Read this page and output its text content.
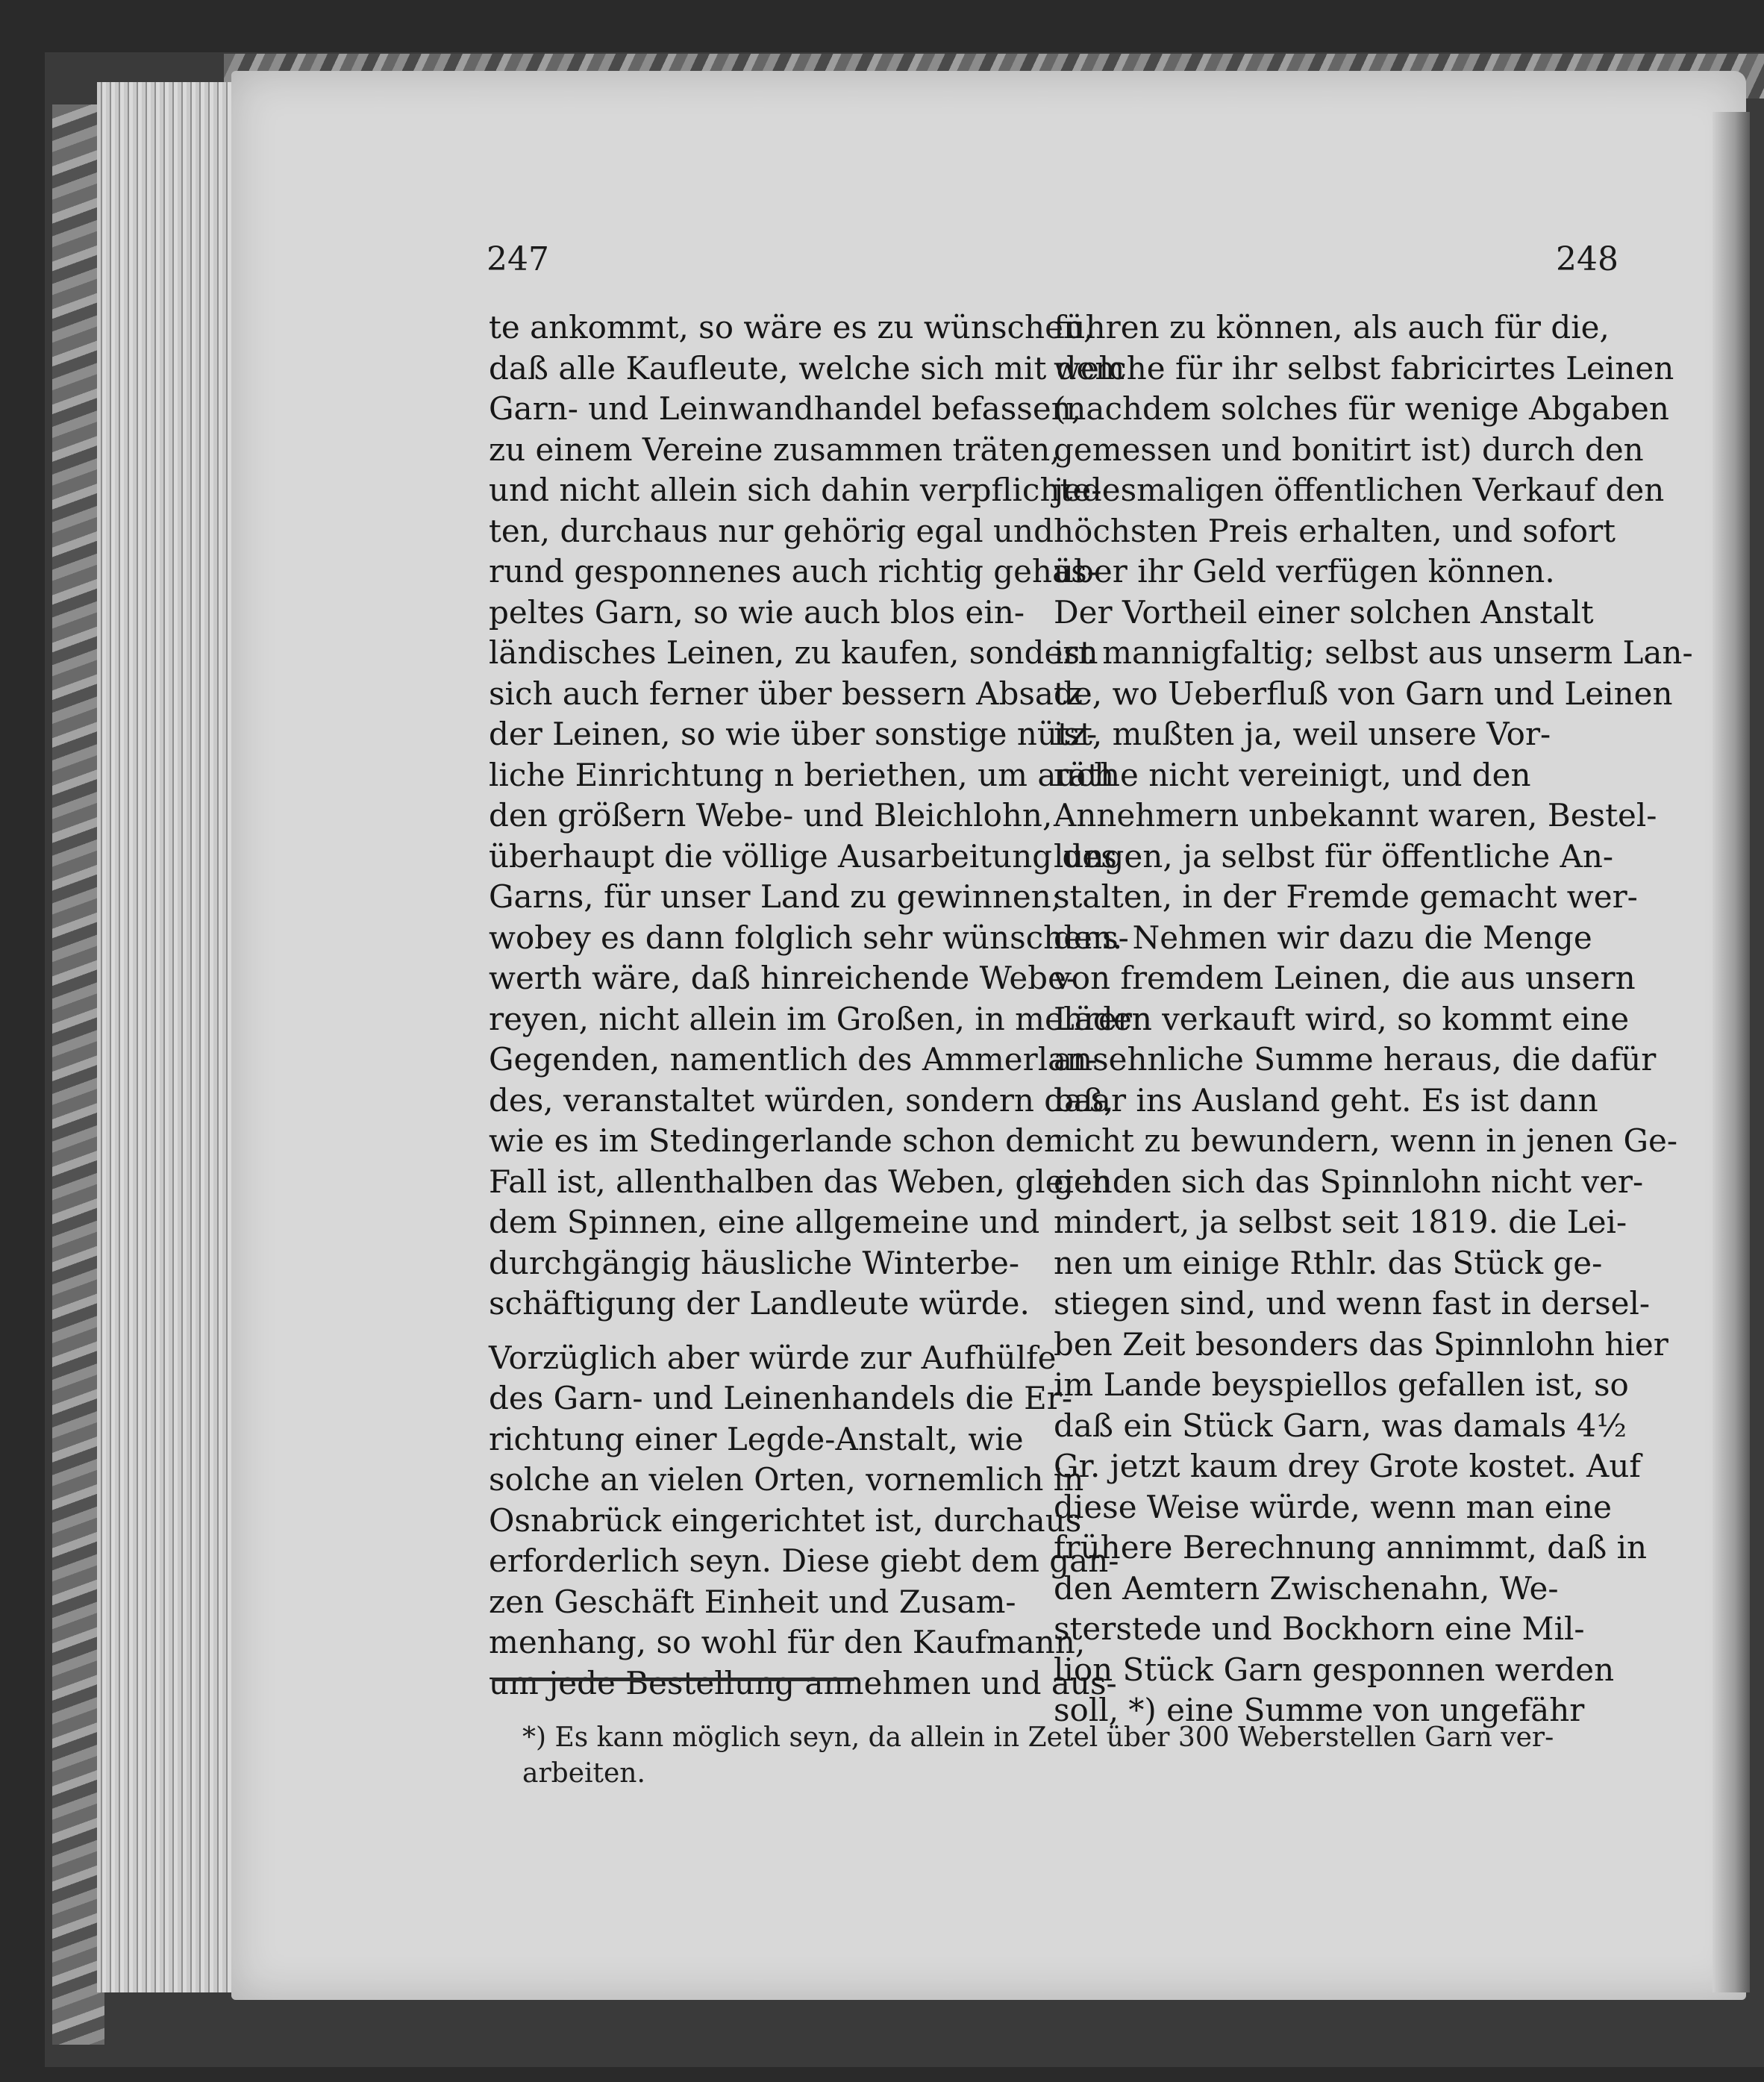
247	248
te ankommt, so wäre es zu wünschen,
daß alle Kaufleute, welche sich mit dem
Garn- und Leinwandhandel befassen,
zu einem Vereine zusammen träten,
und nicht allein sich dahin verpflichte-
ten, durchaus nur gehörig egal und
rund gesponnenes auch richtig gehas-
peltes Garn, so wie auch blos ein-
ländisches Leinen, zu kaufen, sondern
sich auch ferner über bessern Absatz
der Leinen, so wie über sonstige nütz-
liche Einrichtung n beriethen, um auch
den größern Webe- und Bleichlohn,
überhaupt die völlige Ausarbeitung des
Garns, für unser Land zu gewinnen;
wobey es dann folglich sehr wünschens-
werth wäre, daß hinreichende Webe-
reyen, nicht allein im Großen, in mehrern
Gegenden, namentlich des Ammerlan-
des, veranstaltet würden, sondern daß,
wie es im Stedingerlande schon der
Fall ist, allenthalben das Weben, gleich
dem Spinnen, eine allgemeine und
durchgängig häusliche Winterbe-
schäftigung der Landleute würde.
Vorzüglich aber würde zur Aufhülfe
des Garn- und Leinenhandels die Er-
richtung einer Legde-Anstalt, wie
solche an vielen Orten, vornemlich in
Osnabrück eingerichtet ist, durchaus
erforderlich seyn. Diese giebt dem gan-
zen Geschäft Einheit und Zusam-
menhang, so wohl für den Kaufmann,
um jede Bestellung annehmen und aus-
führen zu können, als auch für die,
welche für ihr selbst fabricirtes Leinen
(nachdem solches für wenige Abgaben
gemessen und bonitirt ist) durch den
jedesmaligen öffentlichen Verkauf den
höchsten Preis erhalten, und sofort
über ihr Geld verfügen können.
Der Vortheil einer solchen Anstalt
ist mannigfaltig; selbst aus unserm Lan-
de, wo Ueberfluß von Garn und Leinen
ist, mußten ja, weil unsere Vor-
räthe nicht vereinigt, und den
Annehmern unbekannt waren, Bestel-
lungen, ja selbst für öffentliche An-
stalten, in der Fremde gemacht wer-
den. Nehmen wir dazu die Menge
von fremdem Leinen, die aus unsern
Läden verkauft wird, so kommt eine
ansehnliche Summe heraus, die dafür
baar ins Ausland geht. Es ist dann
nicht zu bewundern, wenn in jenen Ge-
genden sich das Spinnlohn nicht ver-
mindert, ja selbst seit 1819. die Lei-
nen um einige Rthlr. das Stück ge-
stiegen sind, und wenn fast in dersel-
ben Zeit besonders das Spinnlohn hier
im Lande beyspiellos gefallen ist, so
daß ein Stück Garn, was damals 4½
Gr. jetzt kaum drey Grote kostet. Auf
diese Weise würde, wenn man eine
frühere Berechnung annimmt, daß in
den Aemtern Zwischenahn, We-
sterstede und Bockhorn eine Mil-
lion Stück Garn gesponnen werden
soll, *) eine Summe von ungefähr
*) Es kann möglich seyn, da allein in Zetel über 300 Weberstellen Garn ver-
arbeiten.
